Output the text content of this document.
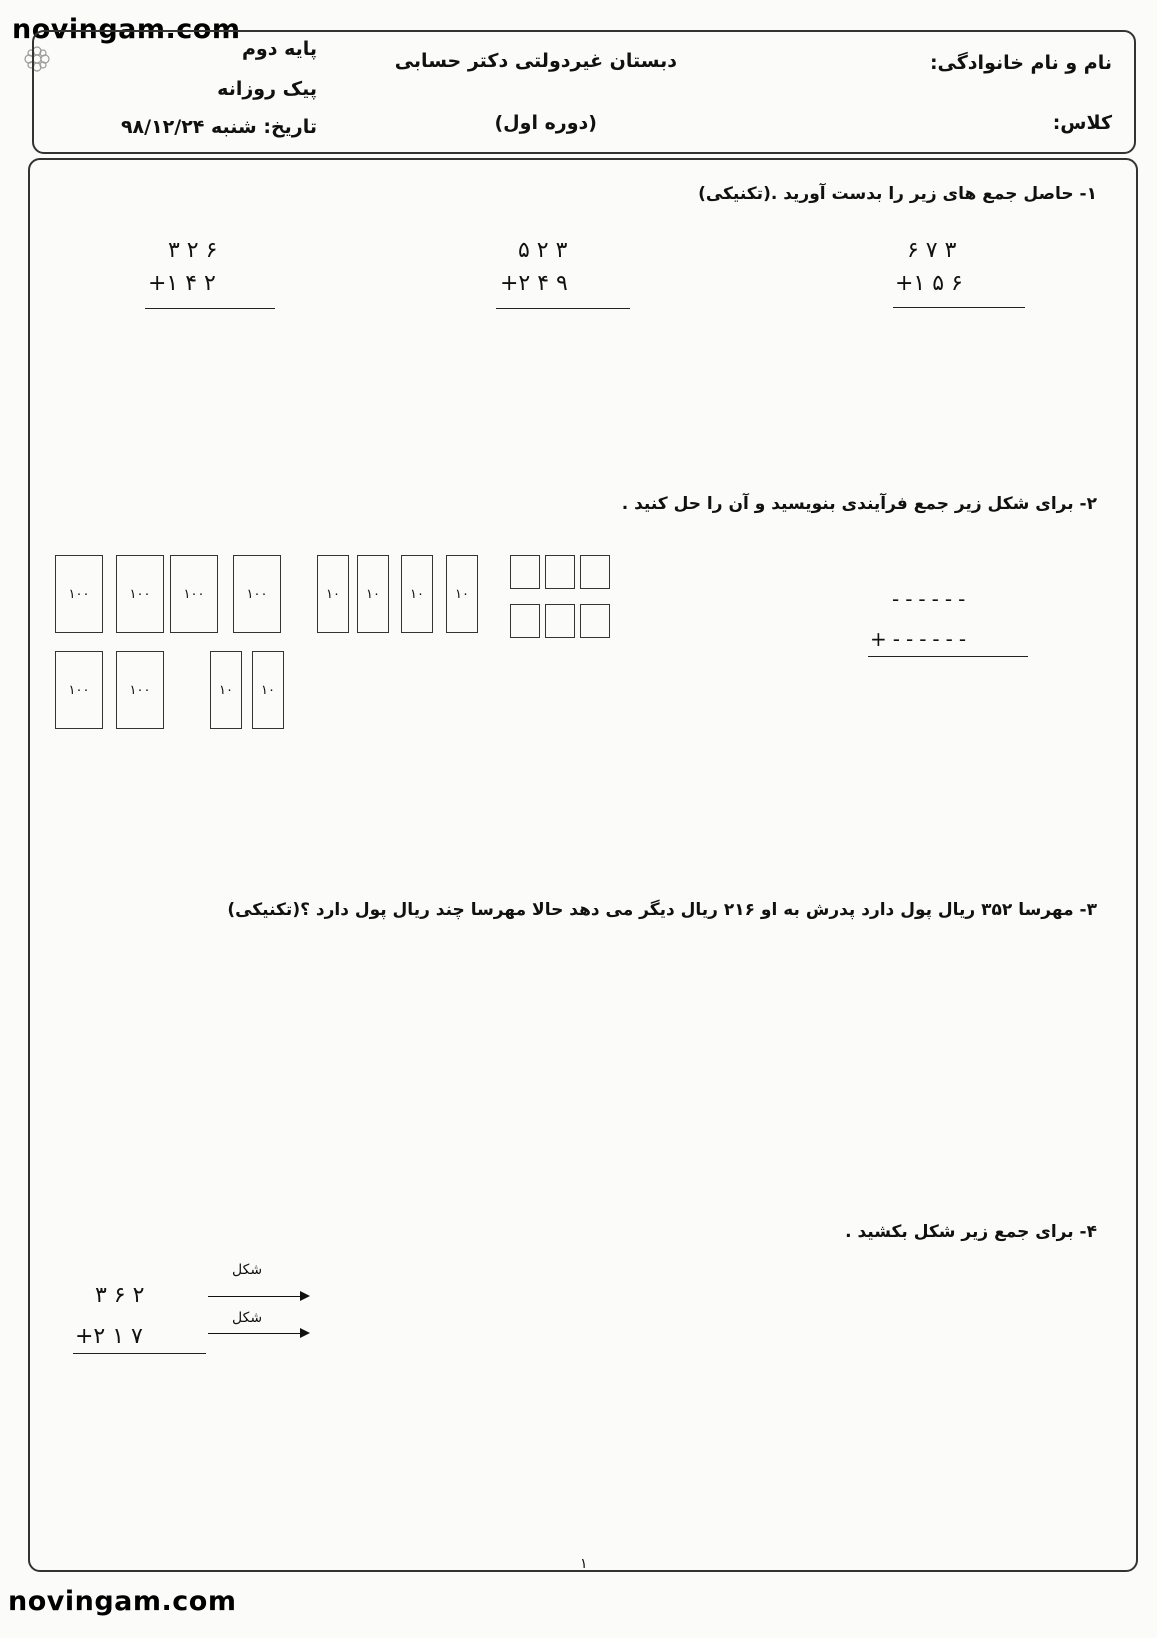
novingam.com
novingam.com
پایه دوم
پیک روزانه
تاریخ: شنبه ۹۸/۱۲/۲۴
دبستان غیردولتی دکتر حسابی
(دوره اول)
نام و نام خانوادگی:
کلاس:
۱- حاصل جمع های زیر را بدست آورید .(تکنیکی)
۶ ۷ ۳
+۱ ۵ ۶
۵ ۲ ۳
+۲ ۴ ۹
۳ ۲ ۶
+۱ ۴ ۲
۲- برای شکل زیر جمع فرآیندی بنویسید و آن را حل کنید .
۱۰۰	۱۰۰	۱۰۰	۱۰۰	۱۰	۱۰	۱۰	۱۰
۱۰۰	۱۰۰	۱۰	۱۰
------
+------
۳- مهرسا ۳۵۲ ریال پول دارد پدرش به او ۲۱۶ ریال دیگر می دهد حالا مهرسا چند ریال پول دارد ؟(تکنیکی)
۴- برای جمع زیر شکل بکشید .
۳ ۶ ۲
+۲ ۱ ۷
شکل
شکل
۱
